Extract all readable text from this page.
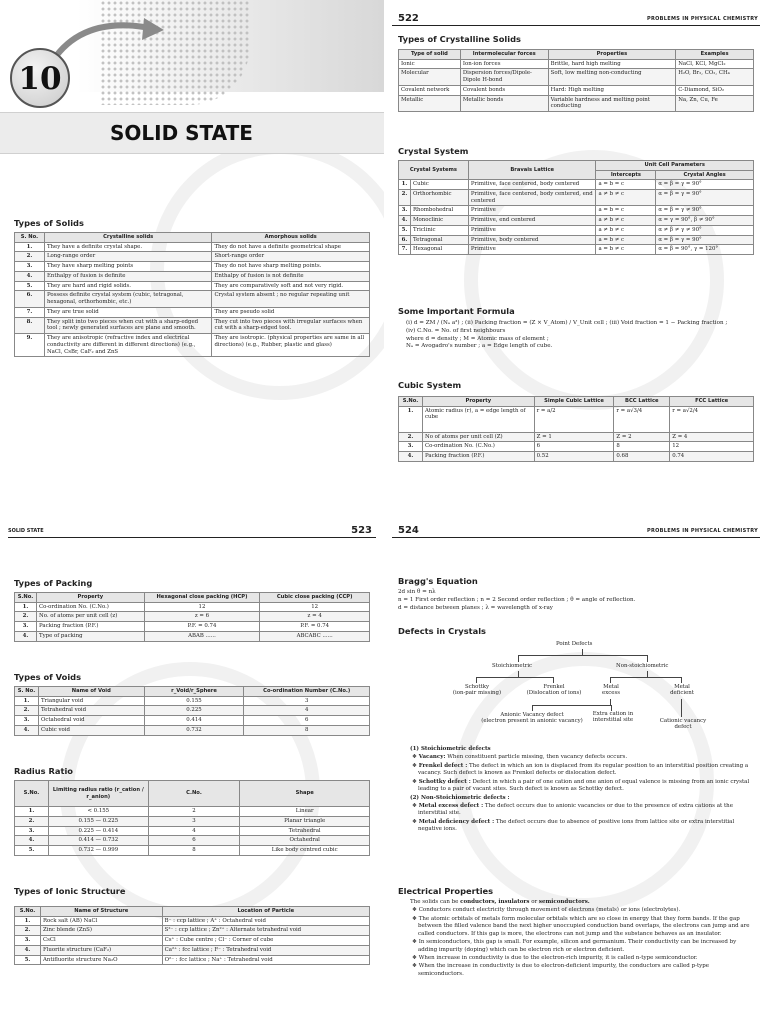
10
SOLID STATE
Types of Solids
S. No.	Crystalline solids	Amorphous solids
1.	They have a definite crystal shape.	They do not have a definite geometrical shape
2.	Long-range order	Short-range order
3.	They have sharp melting points	They do not have sharp melting points.
4.	Enthalpy of fusion is definite	Enthalpy of fusion is not definite
5.	They are hard and rigid solids.	They are comparatively soft and not very rigid.
6.	Possess definite crystal system (cubic, tetragonal, hexagonal, orthorhombic, etc.)	Crystal system absent ; no regular repeating unit
7.	They are true solid	They are pseudo solid
8.	They split into two pieces when cut with a sharp-edged tool ; newly generated surfaces are plane and smooth.	They cut into two pieces with irregular surfaces when cut with a sharp-edged tool.
9.	They are anisotropic (refractive index and electrical conductivity are different in different directions) (e.g., NaCl, CsBr, CaF₂ and ZnS	They are isotropic. (physical properties are same in all directions) (e.g., Rubber, plastic and glass)
522	PROBLEMS IN PHYSICAL CHEMISTRY
Types of Crystalline Solids
Type of solid	Intermolecular forces	Properties	Examples
Ionic	Ion-ion forces	Brittle, hard high melting	NaCl, KCl, MgCl₂
Molecular	Dispersion forces/Dipole-Dipole H-bond	Soft, low melting non-conducting	H₂O, Br₂, CO₂, CH₄
Covalent network	Covalent bonds	Hard: High melting	C-Diamond, SiO₂
Metallic	Metallic bonds	Variable hardness and melting point conducting	Na, Zn, Cu, Fe
Crystal System
Crystal Systems		Bravais Lattice	Unit Cell Parameters	
			Intercepts	Crystal Angles
1.	Cubic	Primitive, face centered, body centered	a = b = c	α = β = γ = 90°
2.	Orthorhombic	Primitive, face centered, body centered, end centered	a ≠ b ≠ c	α = β = γ = 90°
3.	Rhombohedral	Primitive	a = b = c	α = β = γ ≠ 90°
4.	Monoclinic	Primitive, end centered	a ≠ b ≠ c	α = γ = 90°, β ≠ 90°
5.	Triclinic	Primitive	a ≠ b ≠ c	α ≠ β ≠ γ ≠ 90°
6.	Tetragonal	Primitive, body centered	a = b ≠ c	α = β = γ = 90°
7.	Hexagonal	Primitive	a = b ≠ c	α = β = 90°, γ = 120°
Some Important Formula
(i) d = ZM / (Nₐ a³) ; (ii) Packing fraction = (Z × V_Atom) / V_Unit cell ; (iii) Void fraction = 1 − Packing fraction ;
(iv) C.No. = No. of first neighbours
where d = density ; M = Atomic mass of element ;
Nₐ = Avogadro's number ; a = Edge length of cube.
Cubic System
S.No.	Property	Simple Cubic Lattice	BCC Lattice	FCC Lattice
1.	Atomic radius (r), a = edge length of cube	r = a/2	r = a√3/4	r = a√2/4
2.	No of atoms per unit cell (Z)	Z = 1	Z = 2	Z = 4
3.	Co-ordination No. (C.No.)	6	8	12
4.	Packing fraction (P.F.)	0.52	0.68	0.74
SOLID STATE	523
Types of Packing
S.No.	Property	Hexagonal close packing (HCP)	Cubic close packing (CCP)
1.	Co-ordination No. (C.No.)	12	12
2.	No. of atoms per unit cell (z)	z = 6	z = 4
3.	Packing fraction (P.F.)	P.F. = 0.74	P.F. = 0.74
4.	Type of packing	ABAB ......	ABCABC ......
Types of Voids
S. No.	Name of Void	r_Void/r_Sphere	Co-ordination Number (C.No.)
1.	Triangular void	0.155	3
2.	Tetrahedral void	0.225	4
3.	Octahedral void	0.414	6
4.	Cubic void	0.732	8
Radius Ratio
S.No.	Limiting radius ratio (r_cation / r_anion)	C.No.	Shape
1.	< 0.155	2	Linear
2.	0.155 — 0.225	3	Planar triangle
3.	0.225 — 0.414	4	Tetrahedral
4.	0.414 — 0.732	6	Octahedral
5.	0.732 — 0.999	8	Like body centred cubic
Types of Ionic Structure
S.No.	Name of Structure	Location of Particle
1.	Rock salt (AB) NaCl	B⁻ : ccp lattice ; A⁺ : Octahedral void
2.	Zinc blende (ZnS)	S²⁻ : ccp lattice ; Zn²⁺ : Alternate tetrahedral void
3.	CsCl	Cs⁺ : Cube centre ; Cl⁻ : Corner of cube
4.	Fluorite structure (CaF₂)	Ca²⁺ : fcc lattice ; F⁻ : Tetrahedral void
5.	Antifluorite structure Na₂O	O²⁻ : fcc lattice ; Na⁺ : Tetrahedral void
524	PROBLEMS IN PHYSICAL CHEMISTRY
Bragg's Equation
2d sin θ = nλ
n = 1 First order reflection ; n = 2 Second order reflection ; θ = angle of reflection.
d = distance between planes ; λ = wavelength of x-ray
Defects in Crystals
Point Defects
Stoichiometric	Non-stoichiometric
Schottky
(ion-pair missing)
Frenkel
(Dislocation of ions)
Metal
excess
Metal
deficient
Anionic Vacancy defect
(electron present in anionic vacancy)
Extra cation in
interstitial site	Cationic vacancy
defect
(1) Stoichiometric defects

❖ Vacancy: When constituent particle missing, then vacancy defects occurs.

❖ Frenkel defect : The defect in which an ion is displaced from its regular position to an interstitial position creating a vacancy. Such defect is known as Frenkel defects or dislocation defect.

❖ Schottky defect : Defect in which a pair of one cation and one anion of equal valence is missing from an ionic crystal leading to a pair of vacant sites. Such defect is known as Schottky defect.

(2) Non-Stoichiometric defects :

❖ Metal excess defect : The defect occurs due to anionic vacancies or due to the presence of extra cations at the interstitial site.

❖ Metal deficiency defect : The defect occurs due to absence of positive ions from lattice site or extra interstitial negative ions.

Electrical Properties
The solids can be conductors, insulators or semiconductors.

❖ Conductors conduct electricity through movement of electrons (metals) or ions (electrolytes).

❖ The atomic orbitals of metals form molecular orbitals which are so close in energy that they form bands. If the gap between the filled valence band the next higher unoccupied conduction band overlaps, the electrons can jump and are called conductors. If this gap is more, the electrons can not jump and the substance behaves as an insulator.

❖ In semiconductors, this gap is small. For example, silicon and germanium. Their conductivity can be increased by adding impurity (doping) which can be electron rich or electron deficient.

❖ When increase in conductivity is due to the electron-rich impurity, it is called n-type semiconductor.

❖ When the increase in conductivity is due to electron-deficient impurity, the conductors are called p-type semiconductors.
